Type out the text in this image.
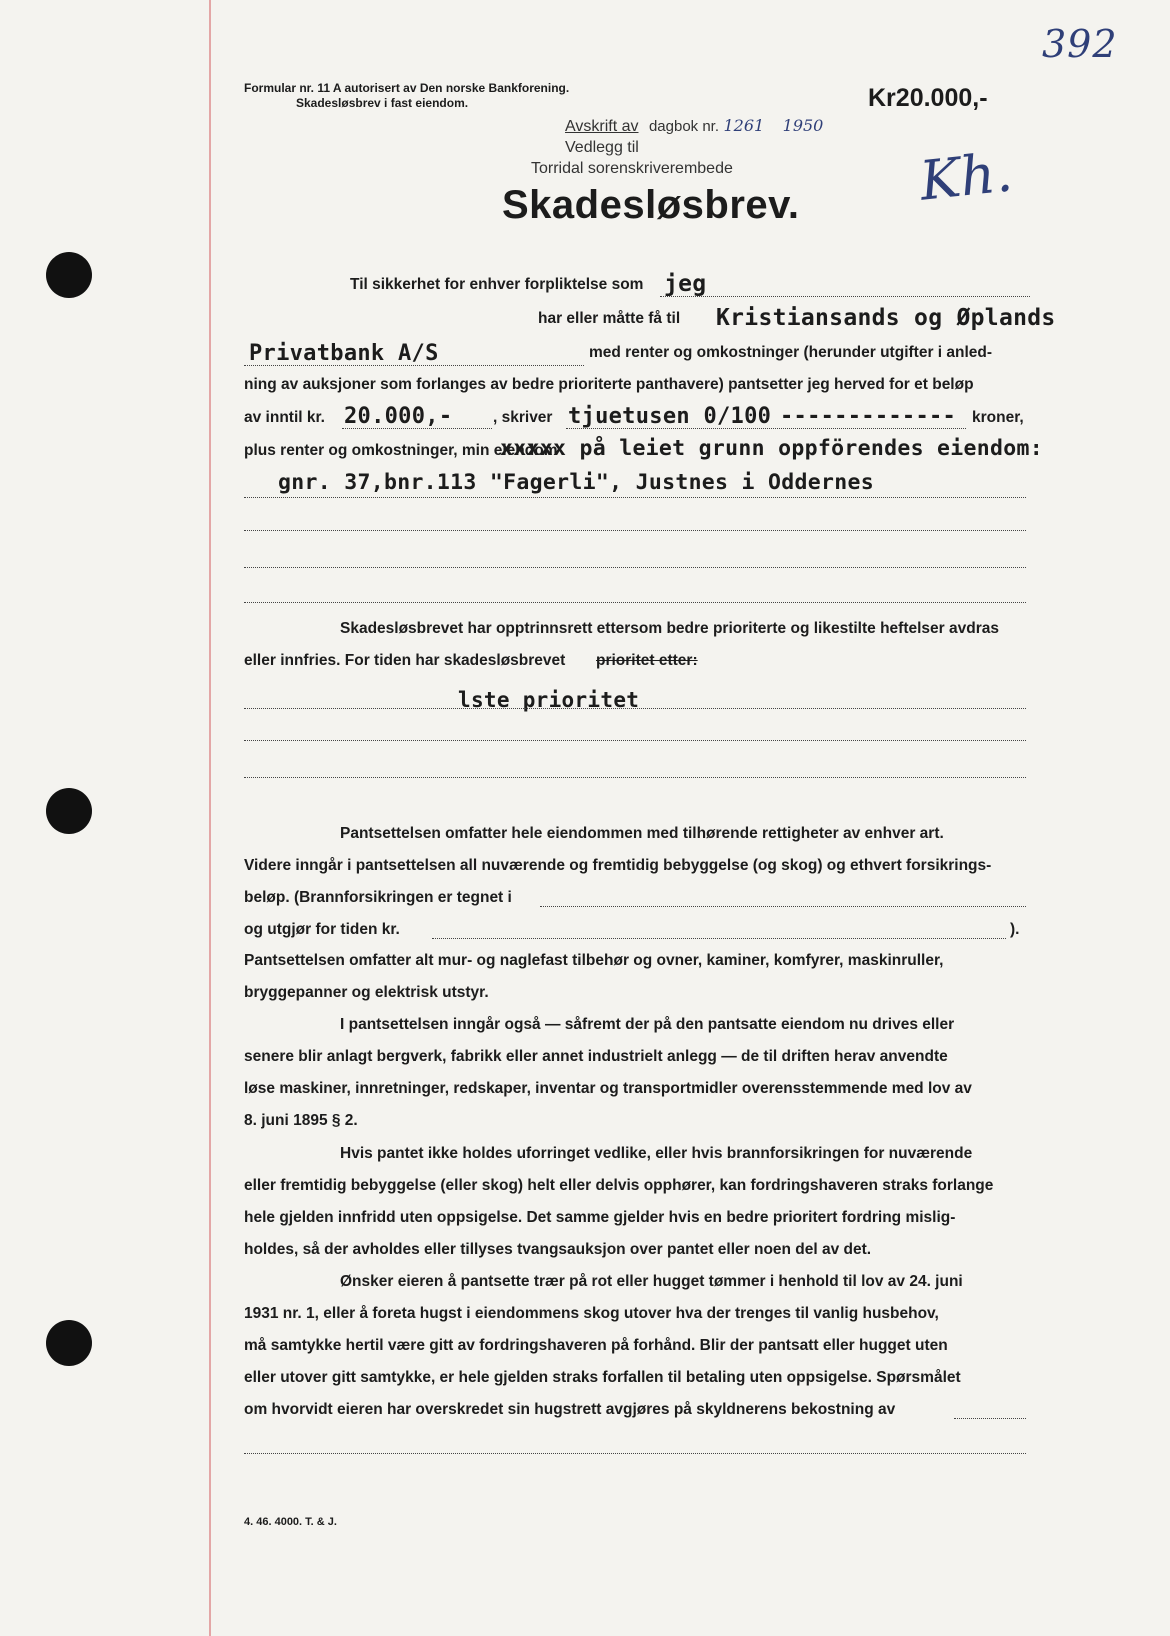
392
Formular nr. 11 A autorisert av Den norske Bankforening.
Skadesløsbrev i fast eiendom.	Kr20.000,-
Avskrift av dagbok nr. 1261 1950
Vedlegg til
Torridal sorenskriverembede
Skadesløsbrev. Kh.
Til sikkerhet for enhver forpliktelse som jeg
har eller måtte få til Kristiansands og Øplands
Privatbank A/S	med renter og omkostninger (herunder utgifter i anled-
ning av auksjoner som forlanges av bedre prioriterte panthavere) pantsetter jeg herved for et beløp
av inntil kr. 20.000,-	, skriver tjuetusen 0/100 ------------- kroner,
plus renter og omkostninger, min eiendom
xxxxx på leiet grunn oppförendes eiendom:
gnr. 37,bnr.113 "Fagerli", Justnes i Oddernes
Skadesløsbrevet har opptrinnsrett ettersom bedre prioriterte og likestilte heftelser avdras
eller innfries. For tiden har skadesløsbrevet prioritet etter:
lste prioritet
Pantsettelsen omfatter hele eiendommen med tilhørende rettigheter av enhver art.
Videre inngår i pantsettelsen all nuværende og fremtidig bebyggelse (og skog) og ethvert forsikrings-
beløp. (Brannforsikringen er tegnet i
og utgjør for tiden kr.	).
Pantsettelsen omfatter alt mur- og naglefast tilbehør og ovner, kaminer, komfyrer, maskinruller,
bryggepanner og elektrisk utstyr.
I pantsettelsen inngår også — såfremt der på den pantsatte eiendom nu drives eller
senere blir anlagt bergverk, fabrikk eller annet industrielt anlegg — de til driften herav anvendte
løse maskiner, innretninger, redskaper, inventar og transportmidler overensstemmende med lov av
8. juni 1895 § 2.
Hvis pantet ikke holdes uforringet vedlike, eller hvis brannforsikringen for nuværende
eller fremtidig bebyggelse (eller skog) helt eller delvis opphører, kan fordringshaveren straks forlange
hele gjelden innfridd uten oppsigelse. Det samme gjelder hvis en bedre prioritert fordring mislig-
holdes, så der avholdes eller tillyses tvangsauksjon over pantet eller noen del av det.
Ønsker eieren å pantsette trær på rot eller hugget tømmer i henhold til lov av 24. juni
1931 nr. 1, eller å foreta hugst i eiendommens skog utover hva der trenges til vanlig husbehov,
må samtykke hertil være gitt av fordringshaveren på forhånd. Blir der pantsatt eller hugget uten
eller utover gitt samtykke, er hele gjelden straks forfallen til betaling uten oppsigelse. Spørsmålet
om hvorvidt eieren har overskredet sin hugstrett avgjøres på skyldnerens bekostning av
4. 46. 4000. T. & J.
